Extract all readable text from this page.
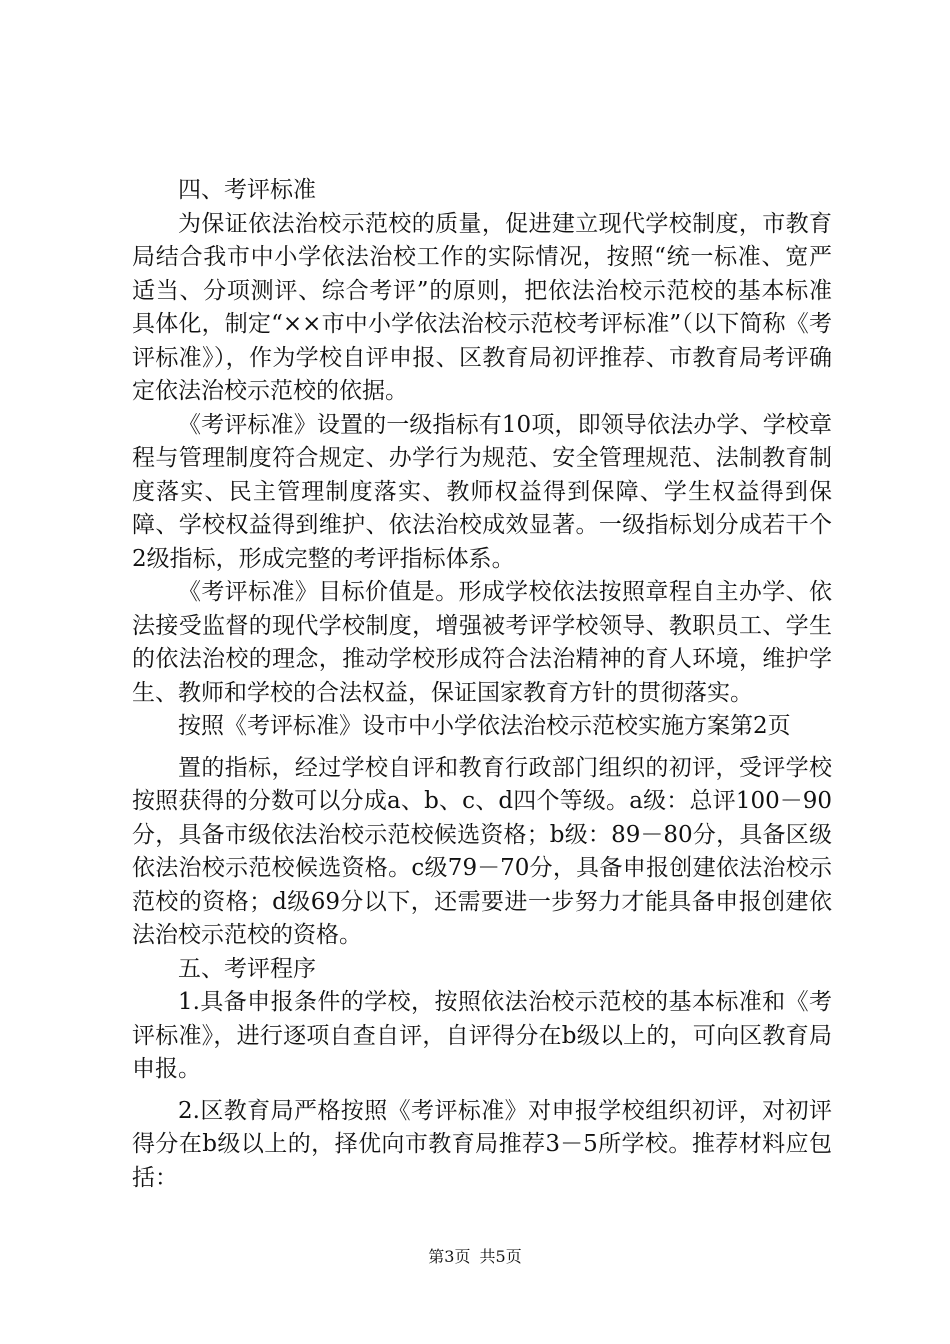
四、考评标准

为保证依法治校示范校的质量，促进建立现代学校制度，市教育局结合我市中小学依法治校工作的实际情况，按照“统一标准、宽严适当、分项测评、综合考评”的原则，把依法治校示范校的基本标准具体化，制定“××市中小学依法治校示范校考评标准”（以下简称《考评标准》），作为学校自评申报、区教育局初评推荐、市教育局考评确定依法治校示范校的依据。

《考评标准》设置的一级指标有10项，即领导依法办学、学校章程与管理制度符合规定、办学行为规范、安全管理规范、法制教育制度落实、民主管理制度落实、教师权益得到保障、学生权益得到保障、学校权益得到维护、依法治校成效显著。一级指标划分成若干个2级指标，形成完整的考评指标体系。

《考评标准》目标价值是。形成学校依法按照章程自主办学、依法接受监督的现代学校制度，增强被考评学校领导、教职员工、学生的依法治校的理念，推动学校形成符合法治精神的育人环境，维护学生、教师和学校的合法权益，保证国家教育方针的贯彻落实。

按照《考评标准》设市中小学依法治校示范校实施方案第2页

置的指标，经过学校自评和教育行政部门组织的初评，受评学校按照获得的分数可以分成a、b、c、d四个等级。a级：总评100－90分，具备市级依法治校示范校候选资格；b级：89－80分，具备区级依法治校示范校候选资格。c级79－70分，具备申报创建依法治校示范校的资格；d级69分以下，还需要进一步努力才能具备申报创建依法治校示范校的资格。

五、考评程序

1.具备申报条件的学校，按照依法治校示范校的基本标准和《考评标准》，进行逐项自查自评，自评得分在b级以上的，可向区教育局申报。

2.区教育局严格按照《考评标准》对申报学校组织初评，对初评得分在b级以上的，择优向市教育局推荐3－5所学校。推荐材料应包括：

第3页 共5页
